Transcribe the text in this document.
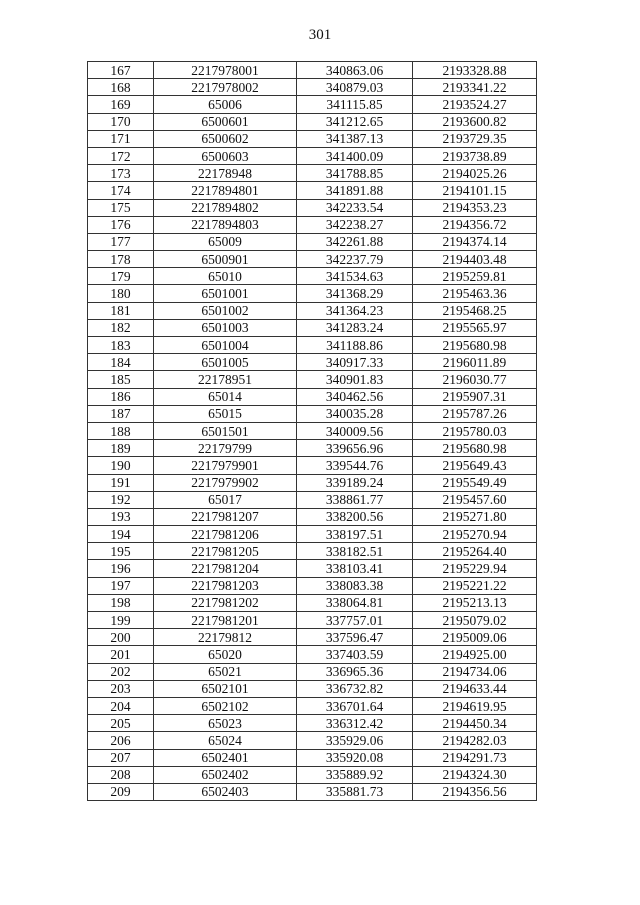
301
167	2217978001	340863.06	2193328.88
168	2217978002	340879.03	2193341.22
169	65006	341115.85	2193524.27
170	6500601	341212.65	2193600.82
171	6500602	341387.13	2193729.35
172	6500603	341400.09	2193738.89
173	22178948	341788.85	2194025.26
174	2217894801	341891.88	2194101.15
175	2217894802	342233.54	2194353.23
176	2217894803	342238.27	2194356.72
177	65009	342261.88	2194374.14
178	6500901	342237.79	2194403.48
179	65010	341534.63	2195259.81
180	6501001	341368.29	2195463.36
181	6501002	341364.23	2195468.25
182	6501003	341283.24	2195565.97
183	6501004	341188.86	2195680.98
184	6501005	340917.33	2196011.89
185	22178951	340901.83	2196030.77
186	65014	340462.56	2195907.31
187	65015	340035.28	2195787.26
188	6501501	340009.56	2195780.03
189	22179799	339656.96	2195680.98
190	2217979901	339544.76	2195649.43
191	2217979902	339189.24	2195549.49
192	65017	338861.77	2195457.60
193	2217981207	338200.56	2195271.80
194	2217981206	338197.51	2195270.94
195	2217981205	338182.51	2195264.40
196	2217981204	338103.41	2195229.94
197	2217981203	338083.38	2195221.22
198	2217981202	338064.81	2195213.13
199	2217981201	337757.01	2195079.02
200	22179812	337596.47	2195009.06
201	65020	337403.59	2194925.00
202	65021	336965.36	2194734.06
203	6502101	336732.82	2194633.44
204	6502102	336701.64	2194619.95
205	65023	336312.42	2194450.34
206	65024	335929.06	2194282.03
207	6502401	335920.08	2194291.73
208	6502402	335889.92	2194324.30
209	6502403	335881.73	2194356.56
